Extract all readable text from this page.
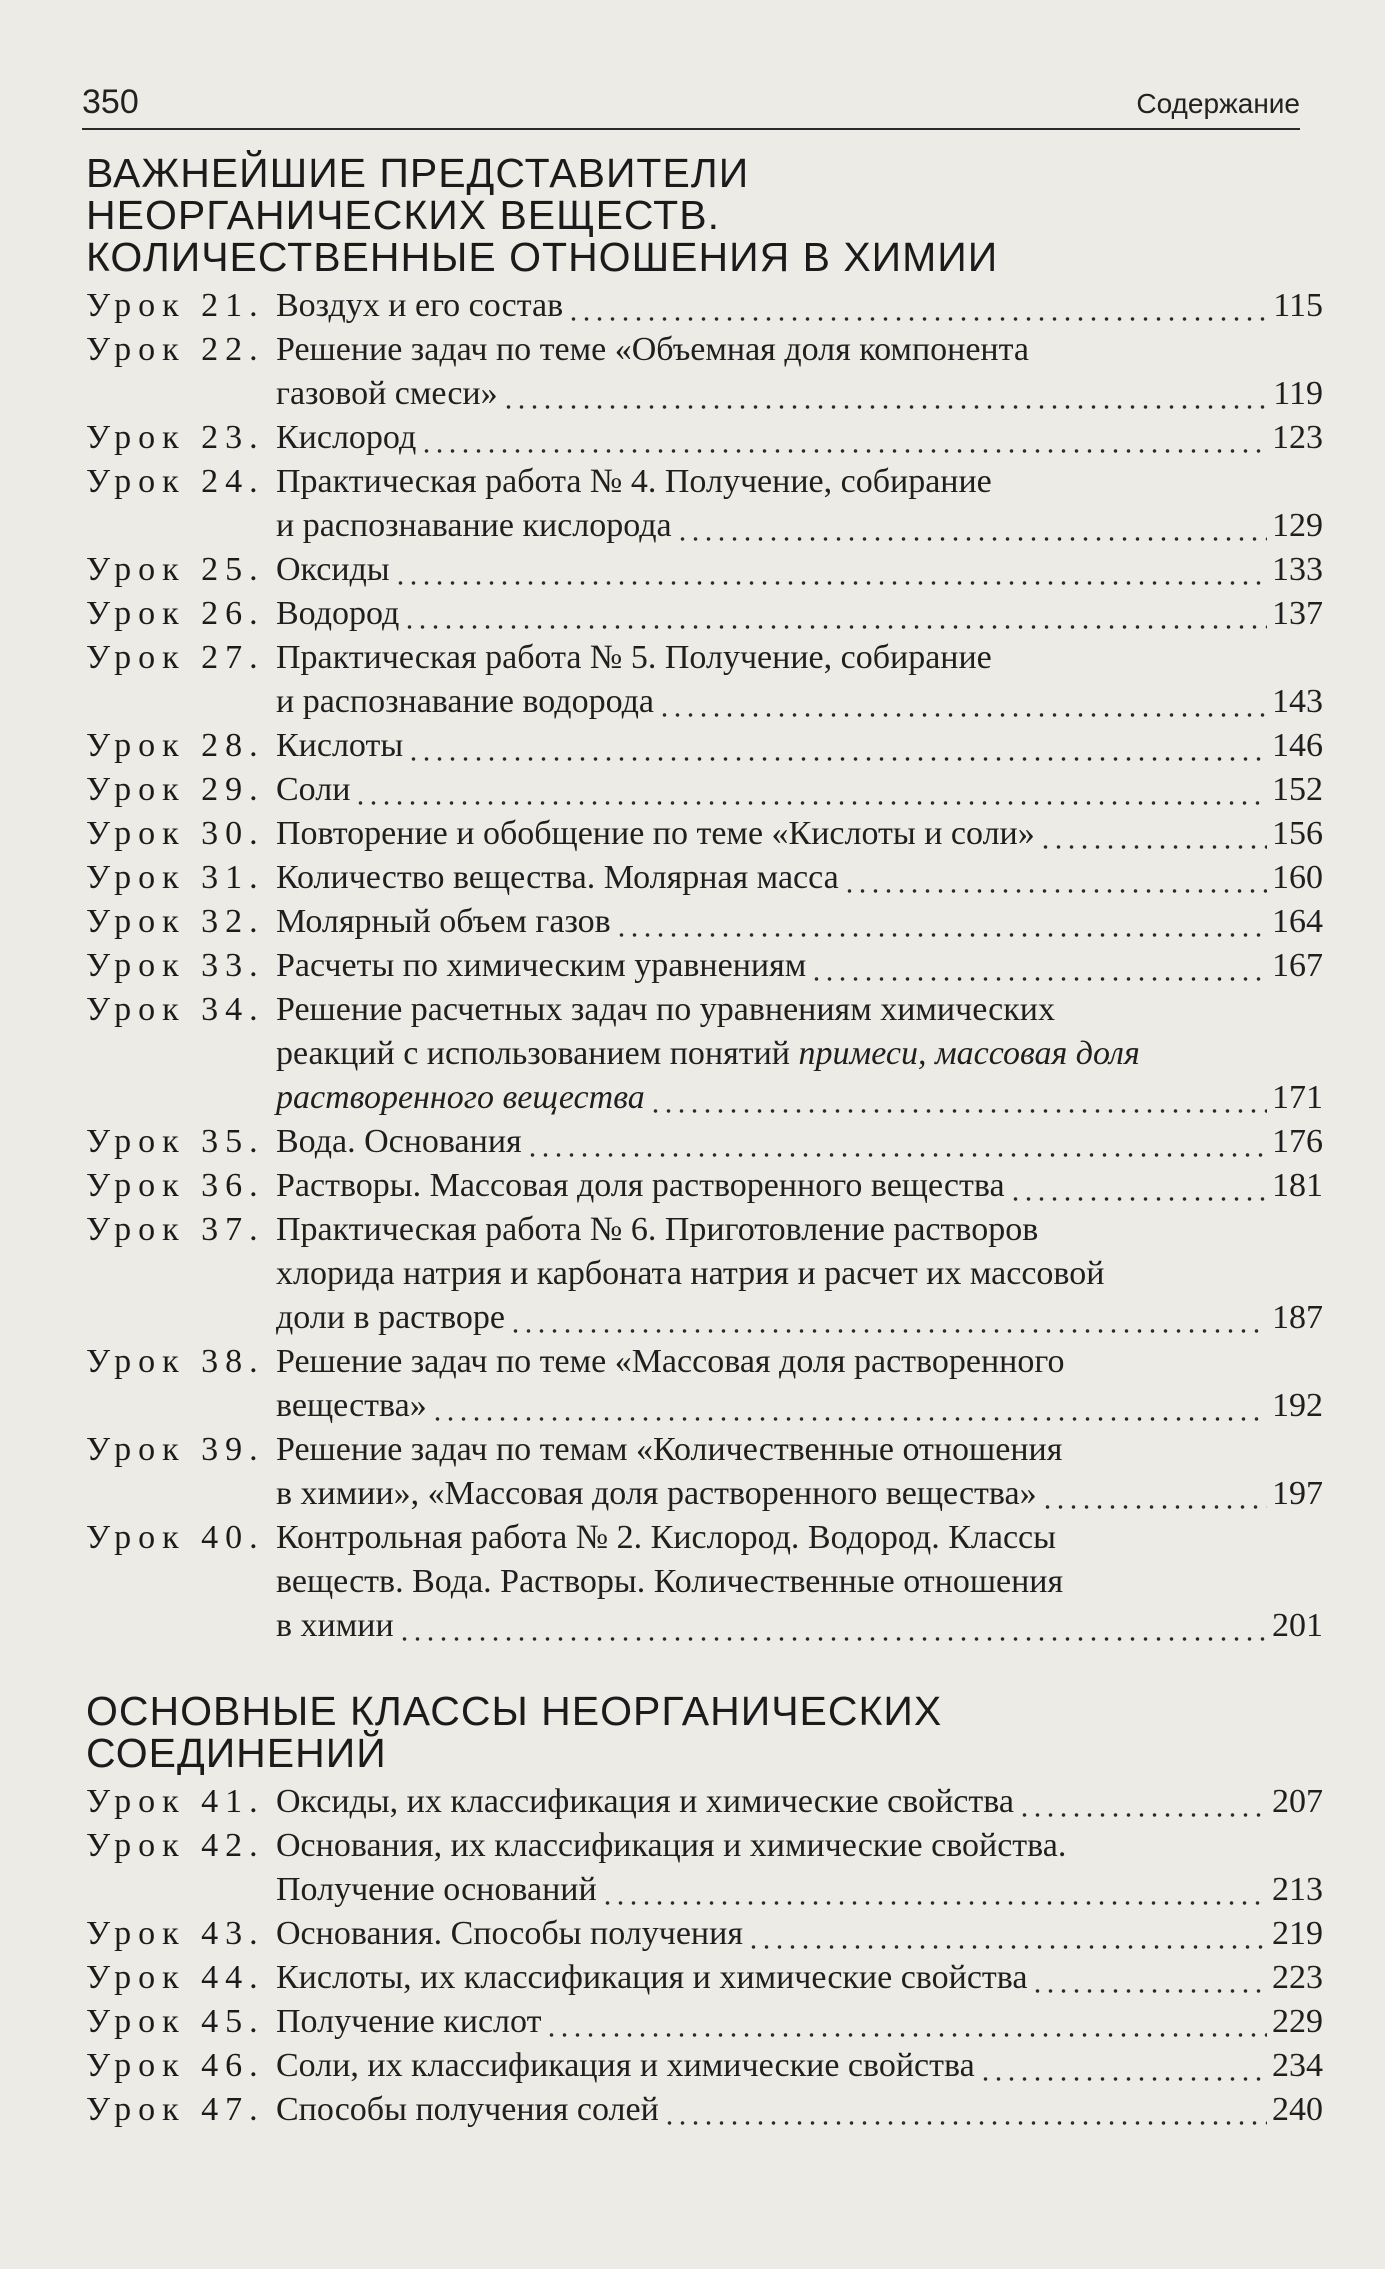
350	Содержание
ВАЖНЕЙШИЕ ПРЕДСТАВИТЕЛИ
НЕОРГАНИЧЕСКИХ ВЕЩЕСТВ.
КОЛИЧЕСТВЕННЫЕ ОТНОШЕНИЯ В ХИМИИ
Урок 21. Воздух и его состав	115
Урок 22. Решение задач по теме «Объемная доля компонента
газовой смеси»	119
Урок 23. Кислород	123
Урок 24. Практическая работа № 4. Получение, собирание
и распознавание кислорода	129
Урок 25. Оксиды	133
Урок 26. Водород	137
Урок 27. Практическая работа № 5. Получение, собирание
и распознавание водорода	143
Урок 28. Кислоты	146
Урок 29. Соли	152
Урок 30. Повторение и обобщение по теме «Кислоты и соли»	156
Урок 31. Количество вещества. Молярная масса	160
Урок 32. Молярный объем газов	164
Урок 33. Расчеты по химическим уравнениям	167
Урок 34. Решение расчетных задач по уравнениям химических
реакций с использованием понятий примеси, массовая доля
растворенного вещества	171
Урок 35. Вода. Основания	176
Урок 36. Растворы. Массовая доля растворенного вещества	181
Урок 37. Практическая работа № 6. Приготовление растворов
хлорида натрия и карбоната натрия и расчет их массовой
доли в растворе	187
Урок 38. Решение задач по теме «Массовая доля растворенного
вещества»	192
Урок 39. Решение задач по темам «Количественные отношения
в химии», «Массовая доля растворенного вещества»	197
Урок 40. Контрольная работа № 2. Кислород. Водород. Классы
веществ. Вода. Растворы. Количественные отношения
в химии	201
ОСНОВНЫЕ КЛАССЫ НЕОРГАНИЧЕСКИХ
СОЕДИНЕНИЙ
Урок 41. Оксиды, их классификация и химические свойства	207
Урок 42. Основания, их классификация и химические свойства.
Получение оснований	213
Урок 43. Основания. Способы получения	219
Урок 44. Кислоты, их классификация и химические свойства	223
Урок 45. Получение кислот	229
Урок 46. Соли, их классификация и химические свойства	234
Урок 47. Способы получения солей	240
